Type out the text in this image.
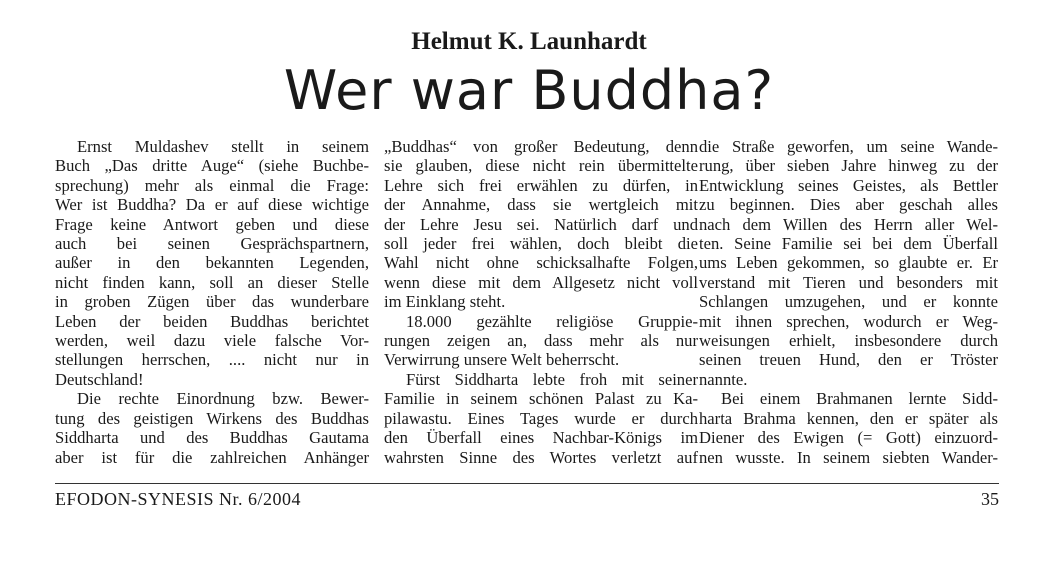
Helmut K. Launhardt
Wer war Buddha?
Ernst Muldashev stellt in seinem
Buch „Das dritte Auge“ (siehe Buchbe-
sprechung) mehr als einmal die Frage:
Wer ist Buddha? Da er auf diese wichtige
Frage keine Antwort geben und diese
auch bei seinen Gesprächspartnern,
außer in den bekannten Legenden,
nicht finden kann, soll an dieser Stelle
in groben Zügen über das wunderbare
Leben der beiden Buddhas berichtet
werden, weil dazu viele falsche Vor-
stellungen herrschen, .... nicht nur in
Deutschland!
Die rechte Einordnung bzw. Bewer-
tung des geistigen Wirkens des Buddhas
Siddharta und des Buddhas Gautama
aber ist für die zahlreichen Anhänger
„Buddhas“ von großer Bedeutung, denn
sie glauben, diese nicht rein übermittelte
Lehre sich frei erwählen zu dürfen, in
der Annahme, dass sie wertgleich mit
der Lehre Jesu sei. Natürlich darf und
soll jeder frei wählen, doch bleibt die
Wahl nicht ohne schicksalhafte Folgen,
wenn diese mit dem Allgesetz nicht voll
im Einklang steht.
18.000 gezählte religiöse Gruppie-
rungen zeigen an, dass mehr als nur
Verwirrung unsere Welt beherrscht.
Fürst Siddharta lebte froh mit seiner
Familie in seinem schönen Palast zu Ka-
pilawastu. Eines Tages wurde er durch
den Überfall eines Nachbar-Königs im
wahrsten Sinne des Wortes verletzt auf
die Straße geworfen, um seine Wande-
rung, über sieben Jahre hinweg zu der
Entwicklung seines Geistes, als Bettler
zu beginnen. Dies aber geschah alles
nach dem Willen des Herrn aller Wel-
ten. Seine Familie sei bei dem Überfall
ums Leben gekommen, so glaubte er. Er
verstand mit Tieren und besonders mit
Schlangen umzugehen, und er konnte
mit ihnen sprechen, wodurch er Weg-
weisungen erhielt, insbesondere durch
seinen treuen Hund, den er Tröster
nannte.
Bei einem Brahmanen lernte Sidd-
harta Brahma kennen, den er später als
Diener des Ewigen (= Gott) einzuord-
nen wusste. In seinem siebten Wander-
EFODON-SYNESIS Nr. 6/2004	35
